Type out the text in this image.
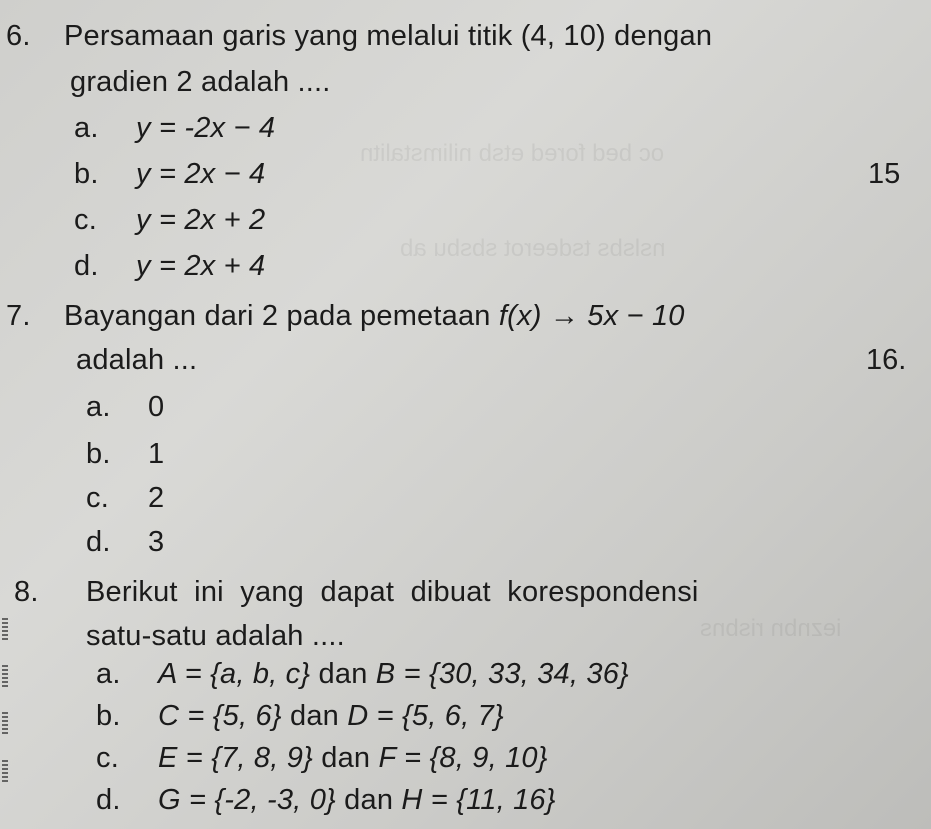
oc bed fored etsb nilimstalitn
nslsbs tsdeerot sbsbu ab
ieznbn risbns
6. Persamaan garis yang melalui titik (4, 10) dengan
gradien 2 adalah ....
a. y = -2x − 4
b. y = 2x − 4
c. y = 2x + 2
d. y = 2x + 4
15
7. Bayangan dari 2 pada pemetaan f(x) → 5x − 10
adalah ...	16.
a. 0
b. 1
c. 2
d. 3
8. Berikut  ini  yang  dapat  dibuat  korespondensi
satu-satu adalah ....
a. A = {a, b, c} dan B = {30, 33, 34, 36}
b. C = {5, 6} dan D = {5, 6, 7}
c. E = {7, 8, 9} dan F = {8, 9, 10}
d. G = {-2, -3, 0} dan H = {11, 16}
